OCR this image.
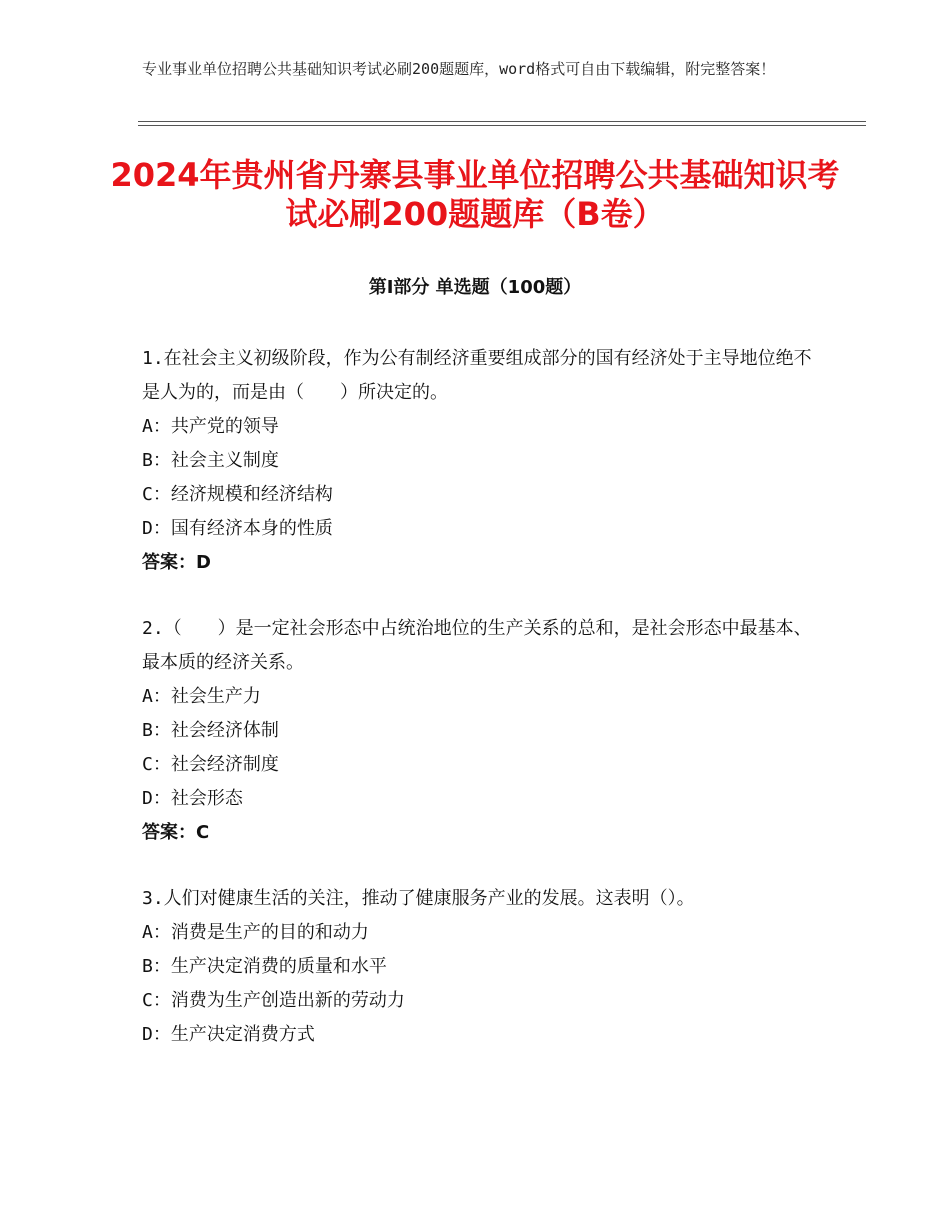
专业事业单位招聘公共基础知识考试必刷200题题库，word格式可自由下载编辑，附完整答案！
2024年贵州省丹寨县事业单位招聘公共基础知识考试必刷200题题库（B卷）
第Ⅰ部分 单选题（100题）
1.在社会主义初级阶段，作为公有制经济重要组成部分的国有经济处于主导地位绝不是人为的，而是由（　　）所决定的。
A：共产党的领导
B：社会主义制度
C：经济规模和经济结构
D：国有经济本身的性质
答案：D
2.（　　）是一定社会形态中占统治地位的生产关系的总和，是社会形态中最基本、最本质的经济关系。
A：社会生产力
B：社会经济体制
C：社会经济制度
D：社会形态
答案：C
3.人们对健康生活的关注，推动了健康服务产业的发展。这表明（）。
A：消费是生产的目的和动力
B：生产决定消费的质量和水平
C：消费为生产创造出新的劳动力
D：生产决定消费方式
